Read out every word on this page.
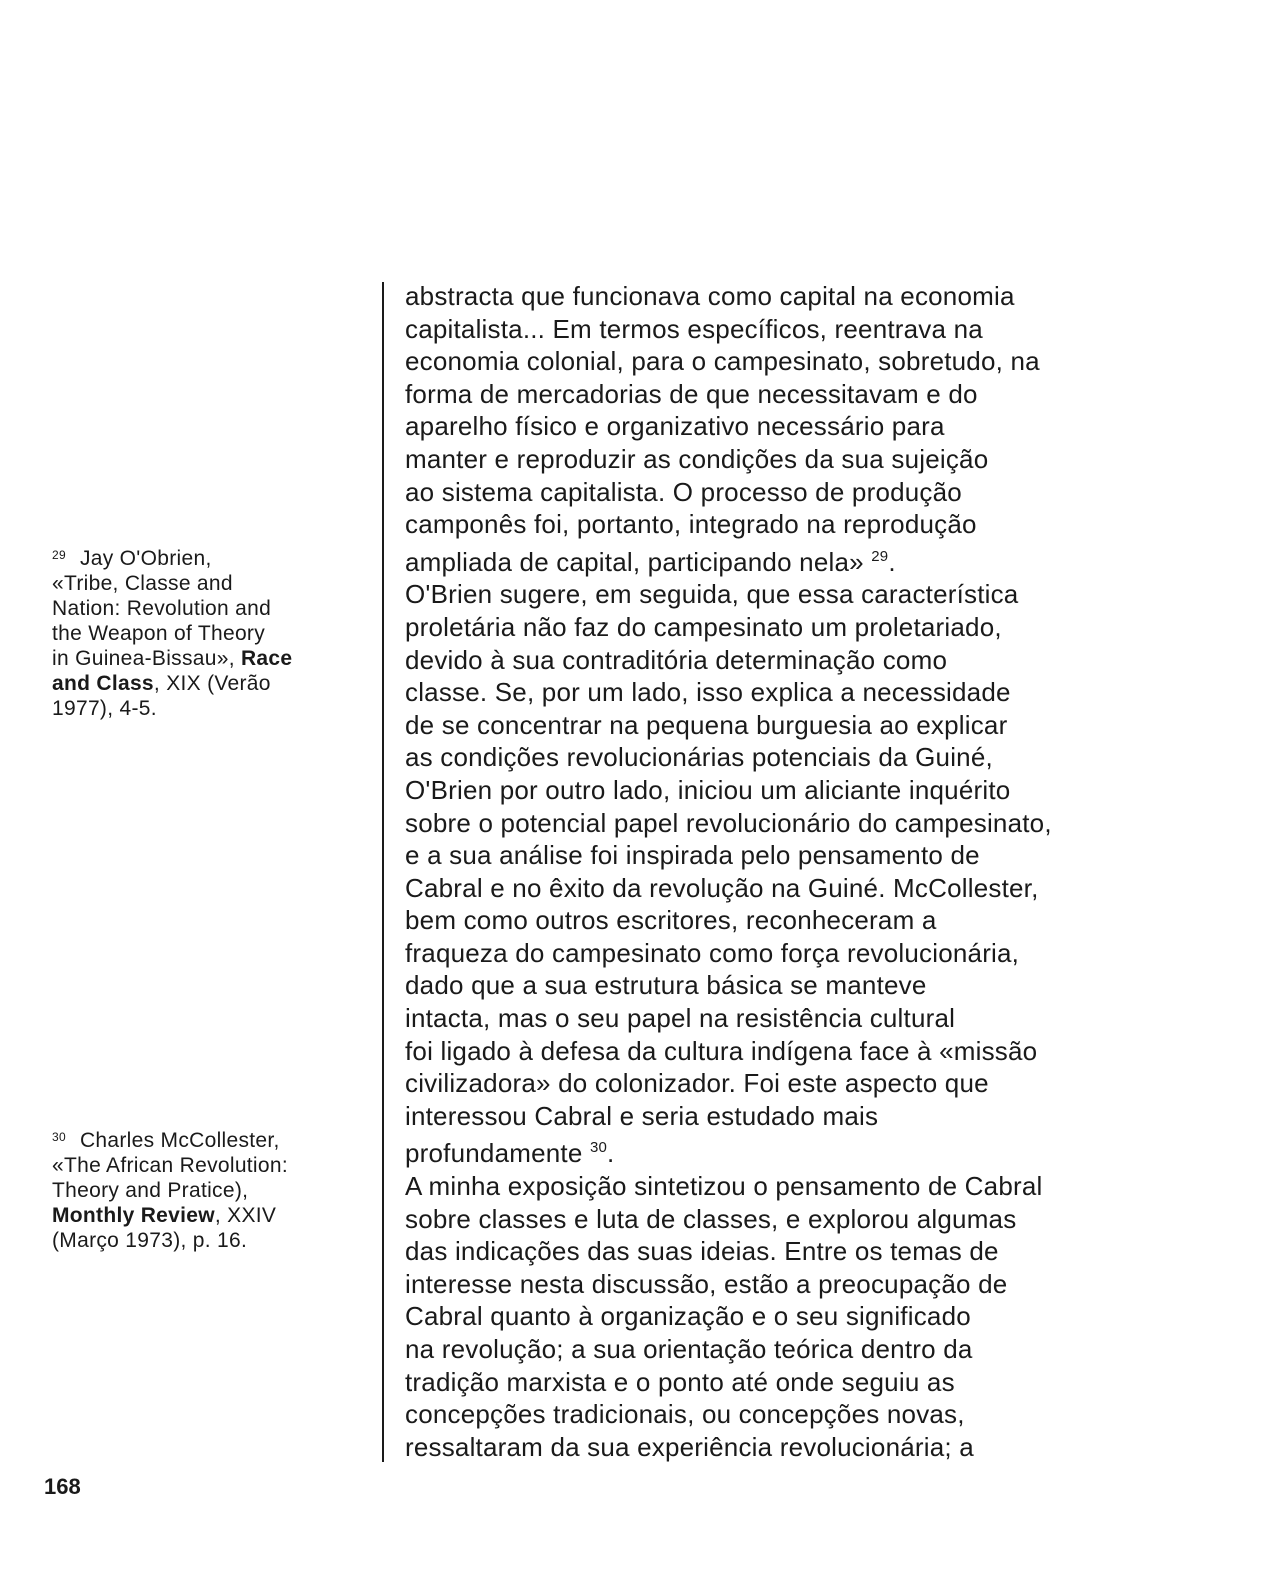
$^{29}$ Jay O'Obrien,
«Tribe, Classe and
Nation: Revolution and
the Weapon of Theory
in Guinea-Bissau», Race
and Class, XIX (Verão
1977), 4-5.
$^{30}$ Charles McCollester,
«The African Revolution:
Theory and Pratice),
Monthly Review, XXIV
(Março 1973), p. 16.
abstracta que funcionava como capital na economia
capitalista... Em termos específicos, reentrava na
economia colonial, para o campesinato, sobretudo, na
forma de mercadorias de que necessitavam e do
aparelho físico e organizativo necessário para
manter e reproduzir as condições da sua sujeição
ao sistema capitalista. O processo de produção
camponês foi, portanto, integrado na reprodução
ampliada de capital, participando nela» $^{29}$.
O'Brien sugere, em seguida, que essa característica
proletária não faz do campesinato um proletariado,
devido à sua contraditória determinação como
classe. Se, por um lado, isso explica a necessidade
de se concentrar na pequena burguesia ao explicar
as condições revolucionárias potenciais da Guiné,
O'Brien por outro lado, iniciou um aliciante inquérito
sobre o potencial papel revolucionário do campesinato,
e a sua análise foi inspirada pelo pensamento de
Cabral e no êxito da revolução na Guiné. McCollester,
bem como outros escritores, reconheceram a
fraqueza do campesinato como força revolucionária,
dado que a sua estrutura básica se manteve
intacta, mas o seu papel na resistência cultural
foi ligado à defesa da cultura indígena face à «missão
civilizadora» do colonizador. Foi este aspecto que
interessou Cabral e seria estudado mais
profundamente $^{30}$.
A minha exposição sintetizou o pensamento de Cabral
sobre classes e luta de classes, e explorou algumas
das indicações das suas ideias. Entre os temas de
interesse nesta discussão, estão a preocupação de
Cabral quanto à organização e o seu significado
na revolução; a sua orientação teórica dentro da
tradição marxista e o ponto até onde seguiu as
concepções tradicionais, ou concepções novas,
ressaltaram da sua experiência revolucionária; a
168
